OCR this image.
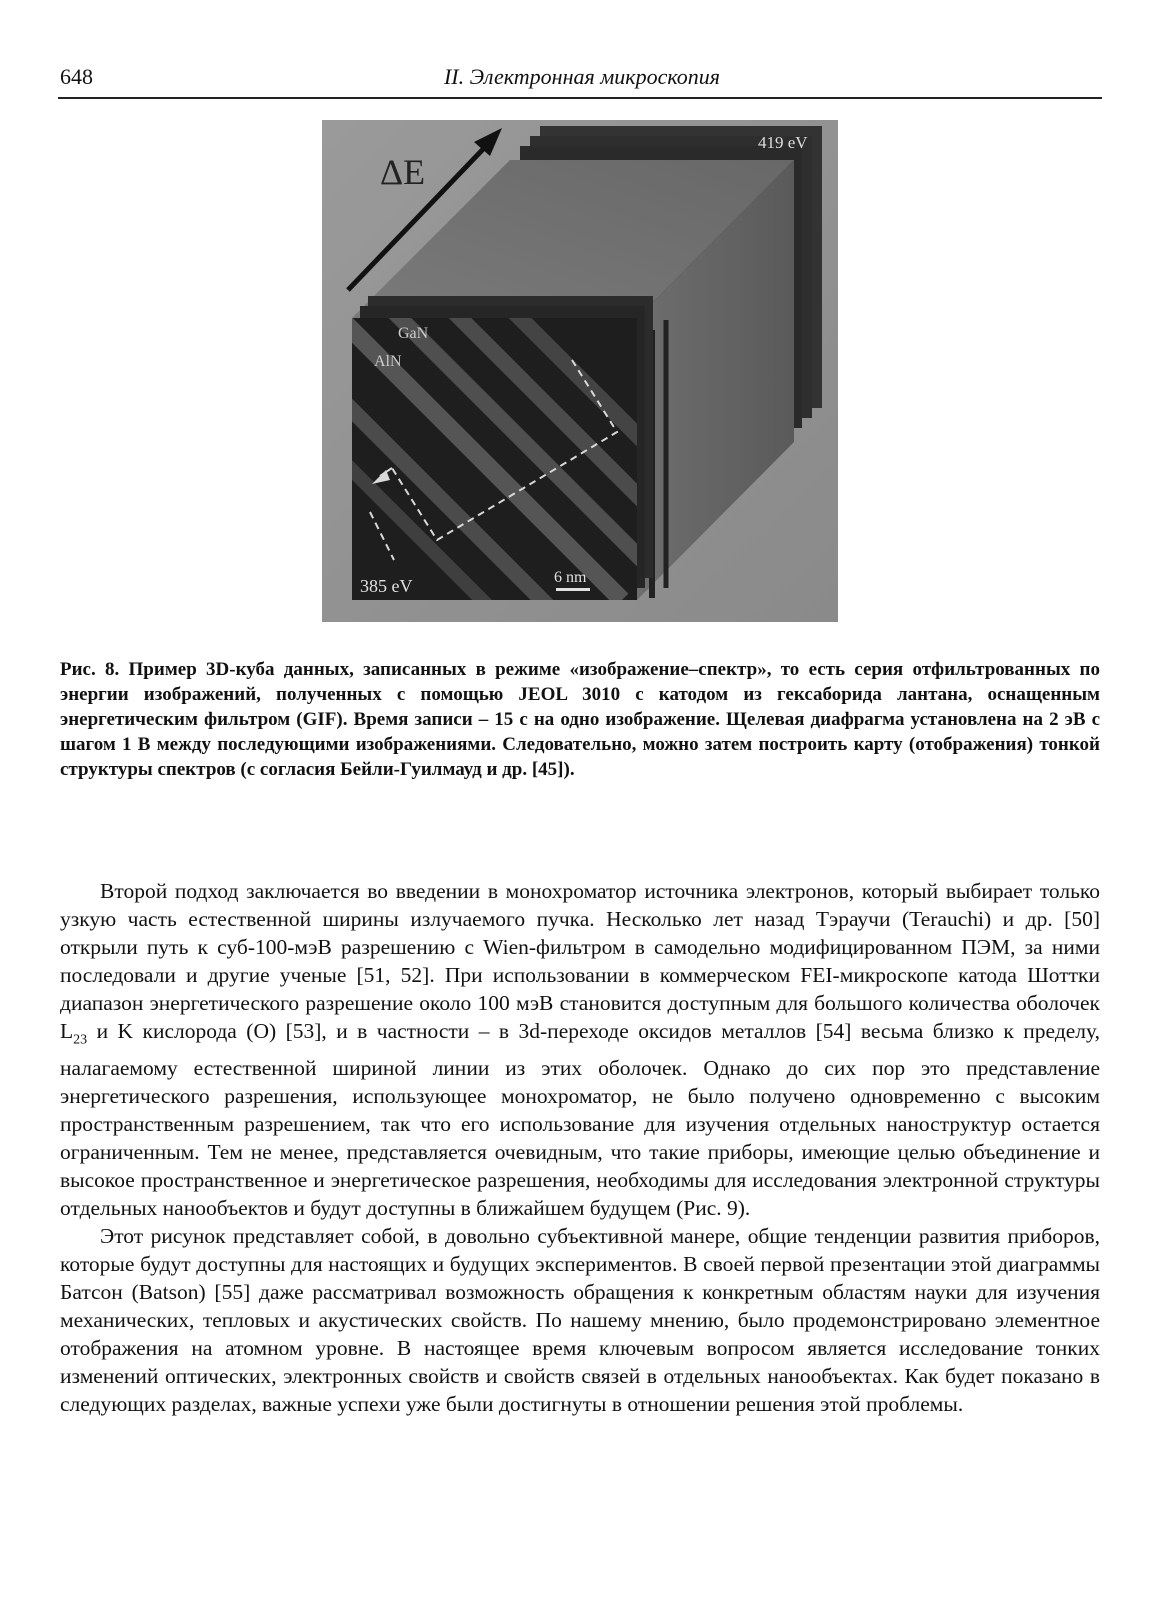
648	II. Электронная микроскопия
ΔE
419 eV
GaN
AlN
385 eV	6 nm
Рис. 8. Пример 3D-куба данных, записанных в режиме «изображение–спектр», то есть серия отфильтрованных по энергии изображений, полученных с помощью JEOL 3010 с катодом из гексаборида лантана, оснащенным энергетическим фильтром (GIF). Время записи – 15 с на одно изображение. Щелевая диафрагма установлена на 2 эВ с шагом 1 В между последующими изображениями. Следовательно, можно затем построить карту (отображения) тонкой структуры спектров (с согласия Бейли-Гуилмауд и др. [45]).

Второй подход заключается во введении в монохроматор источника электронов, который выбирает только узкую часть естественной ширины излучаемого пучка. Несколько лет назад Тэраучи (Terauchi) и др. [50] открыли путь к суб-100-мэВ разрешению с Wien-фильтром в самодельно модифицированном ПЭМ, за ними последовали и другие ученые [51, 52]. При использовании в коммерческом FEI-микроскопе катода Шоттки диапазон энергетического разрешение около 100 мэВ становится доступным для большого количества оболочек $L_{23}$ и K кислорода (O) [53], и в частности – в 3d-переходе оксидов металлов [54] весьма близко к пределу, налагаемому естественной шириной линии из этих оболочек. Однако до сих пор это представление энергетического разрешения, использующее монохроматор, не было получено одновременно с высоким пространственным разрешением, так что его использование для изучения отдельных наноструктур остается ограниченным. Тем не менее, представляется очевидным, что такие приборы, имеющие целью объединение и высокое пространственное и энергетическое разрешения, необходимы для исследования электронной структуры отдельных нанообъектов и будут доступны в ближайшем будущем (Рис. 9).

Этот рисунок представляет собой, в довольно субъективной манере, общие тенденции развития приборов, которые будут доступны для настоящих и будущих экспериментов. В своей первой презентации этой диаграммы Батсон (Batson) [55] даже рассматривал возможность обращения к конкретным областям науки для изучения механических, тепловых и акустических свойств. По нашему мнению, было продемонстрировано элементное отображения на атомном уровне. В настоящее время ключевым вопросом является исследование тонких изменений оптических, электронных свойств и свойств связей в отдельных нанообъектах. Как будет показано в следующих разделах, важные успехи уже были достигнуты в отношении решения этой проблемы.
